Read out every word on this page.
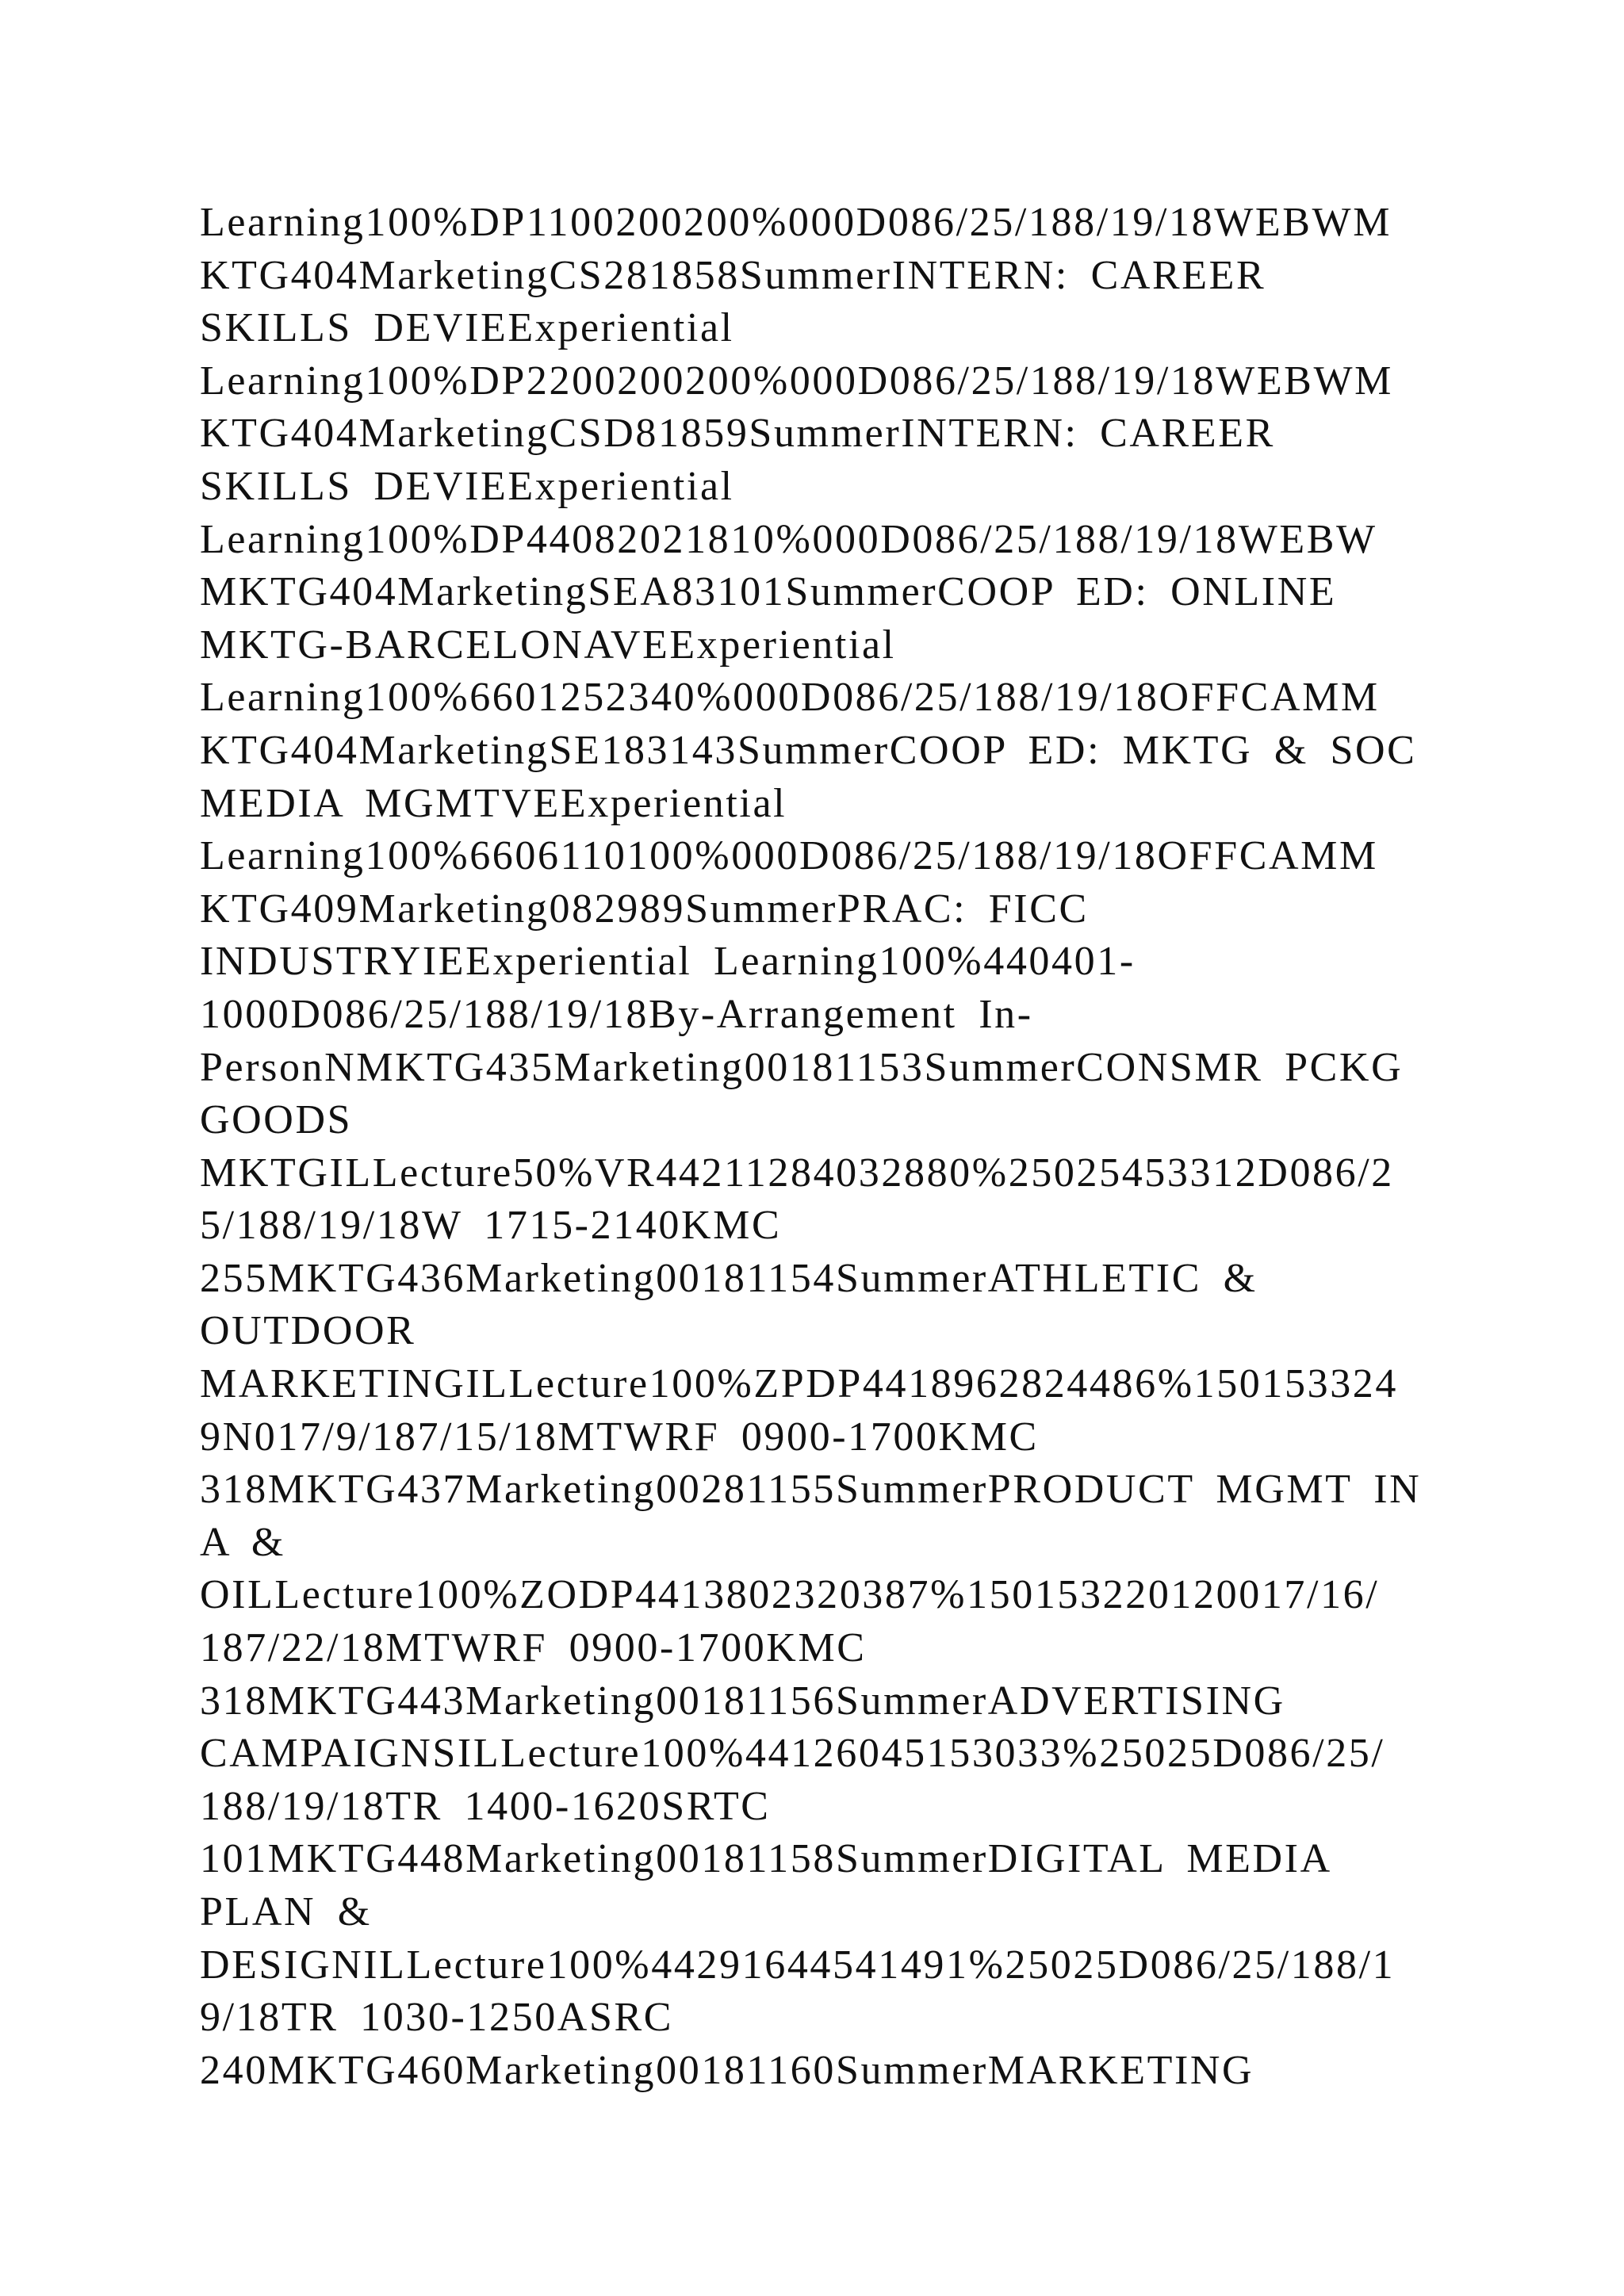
Learning100%DP1100200200%000D086/25/188/19/18WEBWM
KTG404MarketingCS281858SummerINTERN: CAREER
SKILLS DEVIEExperiential
Learning100%DP2200200200%000D086/25/188/19/18WEBWM
KTG404MarketingCSD81859SummerINTERN: CAREER
SKILLS DEVIEExperiential
Learning100%DP44082021810%000D086/25/188/19/18WEBW
MKTG404MarketingSEA83101SummerCOOP ED: ONLINE
MKTG-BARCELONAVEExperiential
Learning100%6601252340%000D086/25/188/19/18OFFCAMM
KTG404MarketingSE183143SummerCOOP ED: MKTG & SOC
MEDIA MGMTVEExperiential
Learning100%6606110100%000D086/25/188/19/18OFFCAMM
KTG409Marketing082989SummerPRAC: FICC
INDUSTRYIEExperiential Learning100%440401-
1000D086/25/188/19/18By-Arrangement In-
PersonNMKTG435Marketing00181153SummerCONSMR PCKG
GOODS
MKTGILLecture50%VR44211284032880%25025453312D086/2
5/188/19/18W 1715-2140KMC
255MKTG436Marketing00181154SummerATHLETIC &
OUTDOOR
MARKETINGILLecture100%ZPDP4418962824486%150153324
9N017/9/187/15/18MTWRF 0900-1700KMC
318MKTG437Marketing00281155SummerPRODUCT MGMT IN
A &
OILLecture100%ZODP4413802320387%150153220120017/16/
187/22/18MTWRF 0900-1700KMC
318MKTG443Marketing00181156SummerADVERTISING
CAMPAIGNSILLecture100%44126045153033%25025D086/25/
188/19/18TR 1400-1620SRTC
101MKTG448Marketing00181158SummerDIGITAL MEDIA
PLAN &
DESIGNILLecture100%44291644541491%25025D086/25/188/1
9/18TR 1030-1250ASRC
240MKTG460Marketing00181160SummerMARKETING
